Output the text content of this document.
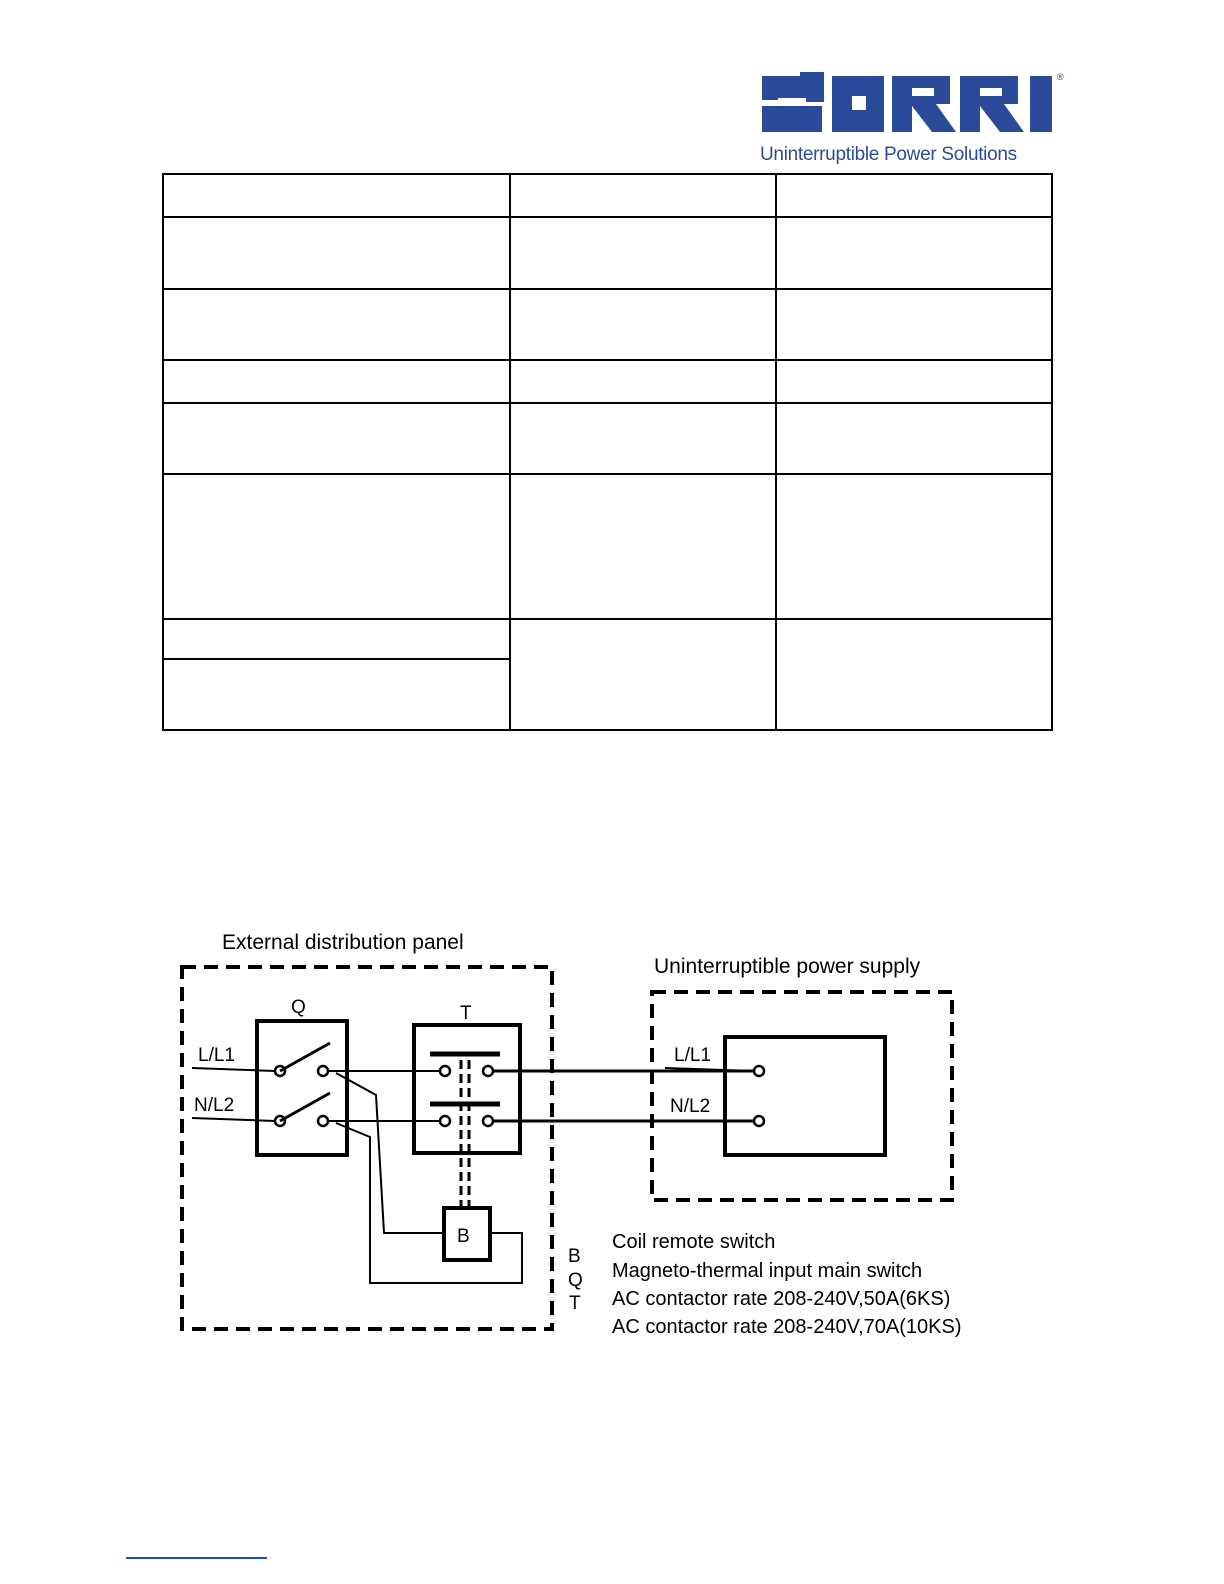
®
Uninterruptible Power Solutions

External distribution panel
Uninterruptible power supply
Q	T
B
L/L1
N/L2
L/L1
N/L2
B
Q
T
Coil remote switch
Magneto-thermal input main switch
AC contactor rate 208-240V,50A(6KS)
AC contactor rate 208-240V,70A(10KS)
